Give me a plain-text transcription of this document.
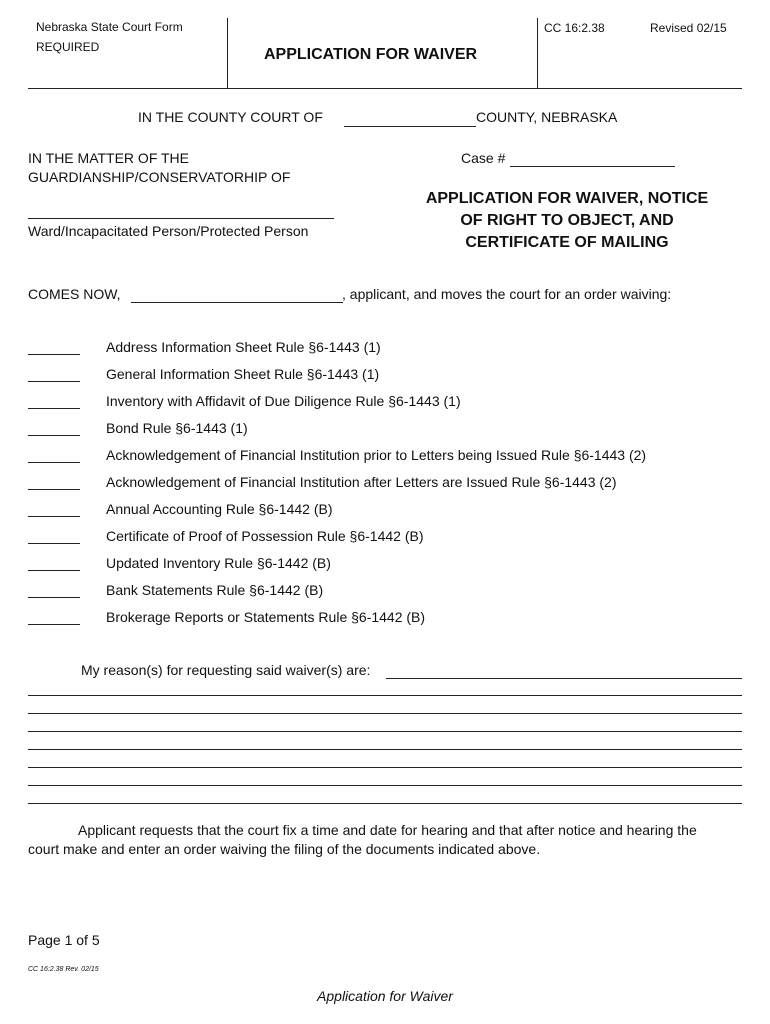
Nebraska State Court Form
REQUIRED	APPLICATION FOR WAIVER
CC 16:2.38	Revised 02/15
IN THE COUNTY COURT OF	COUNTY, NEBRASKA
IN THE MATTER OF THE
GUARDIANSHIP/CONSERVATORHIP OF
Ward/Incapacitated Person/Protected Person
Case #
APPLICATION FOR WAIVER, NOTICE
OF RIGHT TO OBJECT, AND
CERTIFICATE OF MAILING
COMES NOW,	, applicant, and moves the court for an order waiving:
Address Information Sheet Rule §6-1443 (1)
General Information Sheet Rule §6-1443 (1)
Inventory with Affidavit of Due Diligence Rule §6-1443 (1)
Bond Rule §6-1443 (1)
Acknowledgement of Financial Institution prior to Letters being Issued Rule §6-1443 (2)
Acknowledgement of Financial Institution after Letters are Issued Rule §6-1443 (2)
Annual Accounting Rule §6-1442 (B)
Certificate of Proof of Possession Rule §6-1442 (B)
Updated Inventory Rule §6-1442 (B)
Bank Statements Rule §6-1442 (B)
Brokerage Reports or Statements Rule §6-1442 (B)
My reason(s) for requesting said waiver(s) are:
Applicant requests that the court fix a time and date for hearing and that after notice and hearing the
court make and enter an order waiving the filing of the documents indicated above.
Page 1 of 5
CC 16:2.38 Rev. 02/15
Application for Waiver
